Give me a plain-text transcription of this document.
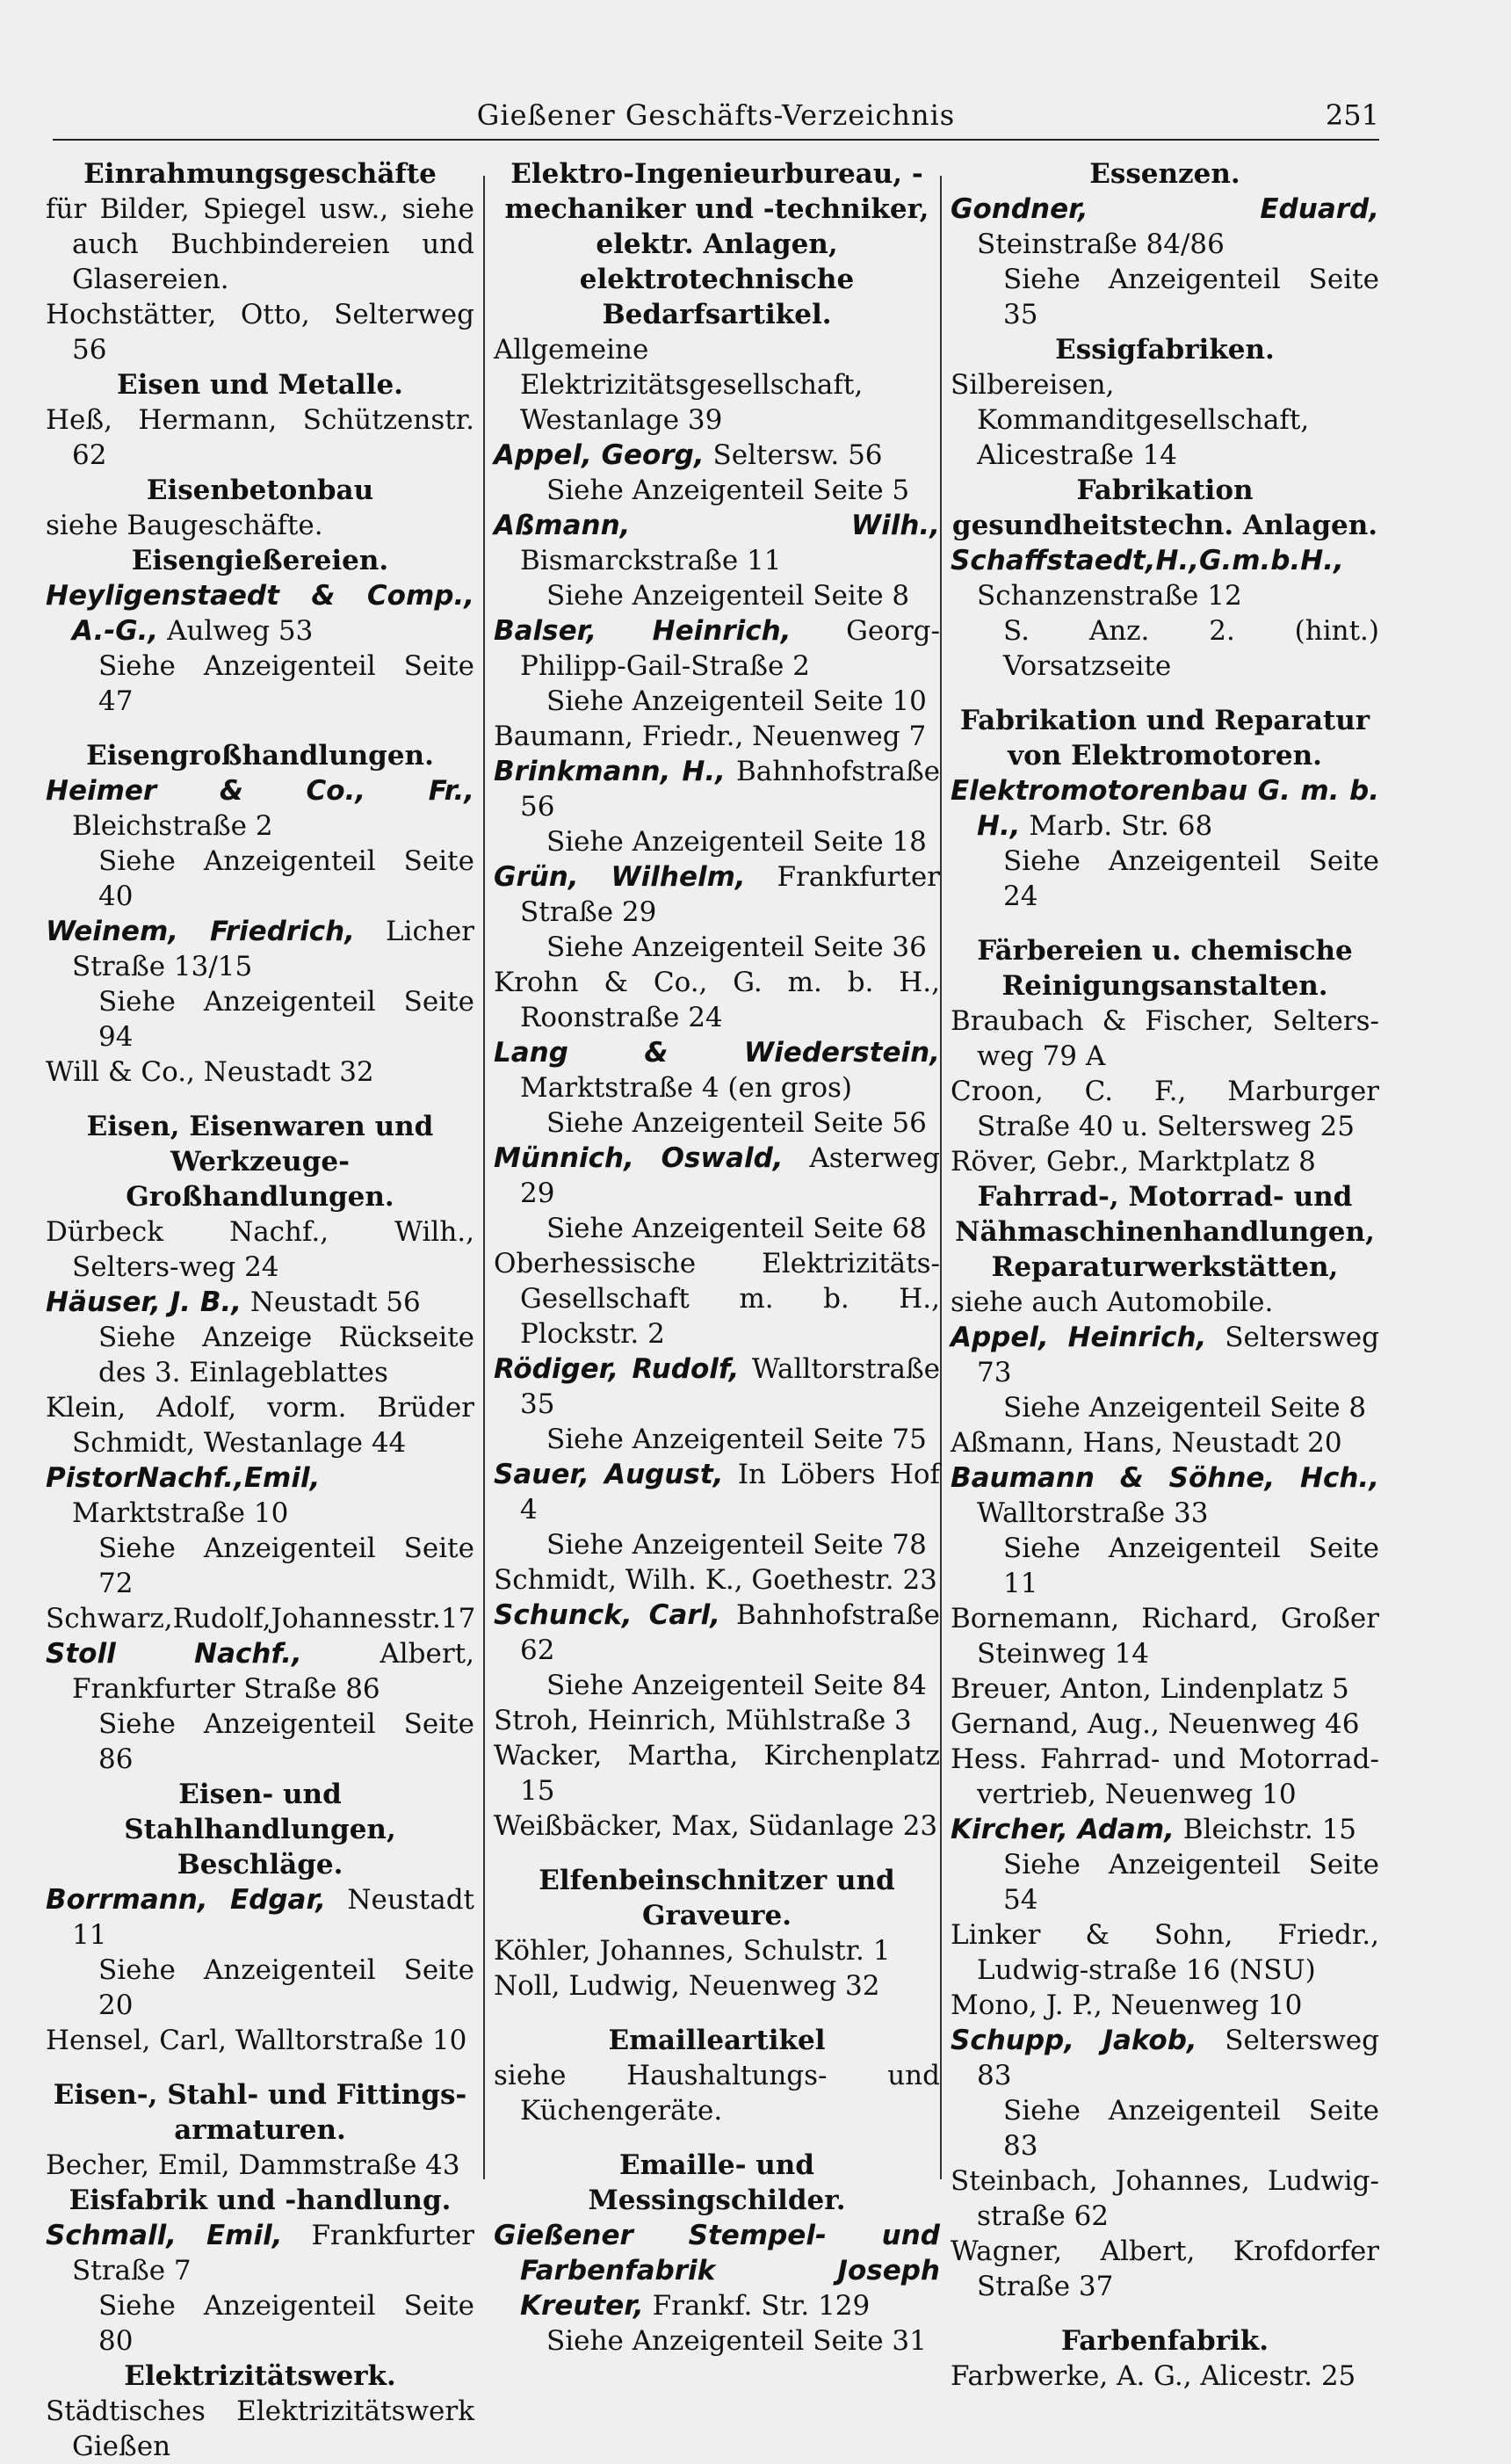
Gießener Geschäfts-Verzeichnis	251

Einrahmungsgeschäfte

für Bilder, Spiegel usw., siehe auch Buchbindereien und Glasereien.

Hochstätter, Otto, Selterweg 56

Eisen und Metalle.

Heß, Hermann, Schützenstr. 62

Eisenbetonbau

siehe Baugeschäfte.

Eisengießereien.

Heyligenstaedt & Comp., A.-G., Aulweg 53

Siehe Anzeigenteil Seite 47

Eisengroßhandlungen.

Heimer & Co., Fr., Bleichstraße 2

Siehe Anzeigenteil Seite 40

Weinem, Friedrich, Licher Straße 13/15

Siehe Anzeigenteil Seite 94

Will & Co., Neustadt 32

Eisen, Eisenwaren und Werkzeuge-Großhandlungen.

Dürbeck Nachf., Wilh., Selters-weg 24

Häuser, J. B., Neustadt 56

Siehe Anzeige Rückseite des 3. Einlageblattes

Klein, Adolf, vorm. Brüder Schmidt, Westanlage 44

PistorNachf.,Emil, Marktstraße 10

Siehe Anzeigenteil Seite 72

Schwarz,Rudolf,Johannesstr.17

Stoll Nachf.,	Albert, Frankfurter Straße 86

Siehe Anzeigenteil Seite 86

Eisen- und Stahlhandlungen, Beschläge.

Borrmann, Edgar, Neustadt 11

Siehe Anzeigenteil Seite 20

Hensel, Carl, Walltorstraße 10

Eisen-, Stahl- und Fittings-armaturen.

Becher, Emil, Dammstraße 43

Eisfabrik und -handlung.

Schmall, Emil, Frankfurter Straße 7

Siehe Anzeigenteil Seite 80

Elektrizitätswerk.

Städtisches Elektrizitätswerk Gießen

Elektro-Ingenieurbureau, -mechaniker und -techniker, elektr. Anlagen, elektrotechnische Bedarfsartikel.

Allgemeine Elektrizitätsgesellschaft, Westanlage 39

Appel, Georg, Seltersw. 56

Siehe Anzeigenteil Seite 5

Aßmann, Wilh., Bismarckstraße 11

Siehe Anzeigenteil Seite 8

Balser, Heinrich, Georg-Philipp-Gail-Straße 2

Siehe Anzeigenteil Seite 10

Baumann, Friedr., Neuenweg 7

Brinkmann, H., Bahnhofstraße 56

Siehe Anzeigenteil Seite 18

Grün, Wilhelm, Frankfurter Straße 29

Siehe Anzeigenteil Seite 36

Krohn & Co., G. m. b. H., Roonstraße 24

Lang & Wiederstein, Marktstraße 4 (en gros)

Siehe Anzeigenteil Seite 56

Münnich, Oswald, Asterweg 29

Siehe Anzeigenteil Seite 68

Oberhessische Elektrizitäts-Gesellschaft m. b. H., Plockstr. 2

Rödiger, Rudolf, Walltorstraße 35

Siehe Anzeigenteil Seite 75

Sauer, August, In Löbers Hof 4

Siehe Anzeigenteil Seite 78

Schmidt, Wilh. K., Goethestr. 23

Schunck, Carl, Bahnhofstraße 62

Siehe Anzeigenteil Seite 84

Stroh, Heinrich, Mühlstraße 3

Wacker, Martha, Kirchenplatz 15

Weißbäcker, Max, Südanlage 23

Elfenbeinschnitzer und Graveure.

Köhler, Johannes, Schulstr. 1

Noll, Ludwig, Neuenweg 32

Emailleartikel

siehe Haushaltungs- und Küchengeräte.

Emaille- und Messingschilder.

Gießener Stempel- und Farbenfabrik Joseph Kreuter, Frankf. Str. 129

Siehe Anzeigenteil Seite 31

Essenzen.

Gondner, Eduard, Steinstraße 84/86

Siehe Anzeigenteil Seite 35

Essigfabriken.

Silbereisen, Kommanditgesellschaft, Alicestraße 14

Fabrikation gesundheitstechn. Anlagen.

Schaffstaedt,H.,G.m.b.H., Schanzenstraße 12

S. Anz. 2. (hint.) Vorsatzseite

Fabrikation und Reparatur von Elektromotoren.

Elektromotorenbau G. m. b. H., Marb. Str. 68

Siehe Anzeigenteil Seite 24

Färbereien u. chemische Reinigungsanstalten.

Braubach & Fischer, Selters-weg 79 A

Croon, C. F., Marburger Straße 40 u. Seltersweg 25

Röver, Gebr., Marktplatz 8

Fahrrad-, Motorrad- und Nähmaschinenhandlungen, Reparaturwerkstätten,

siehe auch Automobile.

Appel, Heinrich, Seltersweg 73

Siehe Anzeigenteil Seite 8

Aßmann, Hans, Neustadt 20

Baumann & Söhne, Hch., Walltorstraße 33

Siehe Anzeigenteil Seite 11

Bornemann, Richard, Großer Steinweg 14

Breuer, Anton, Lindenplatz 5

Gernand, Aug., Neuenweg 46

Hess. Fahrrad- und Motorrad-vertrieb, Neuenweg 10

Kircher, Adam, Bleichstr. 15

Siehe Anzeigenteil Seite 54

Linker & Sohn, Friedr., Ludwig-straße 16 (NSU)

Mono, J. P., Neuenweg 10

Schupp, Jakob, Seltersweg 83

Siehe Anzeigenteil Seite 83

Steinbach, Johannes, Ludwig-straße 62

Wagner, Albert, Krofdorfer Straße 37

Farbenfabrik.

Farbwerke, A. G., Alicestr. 25
